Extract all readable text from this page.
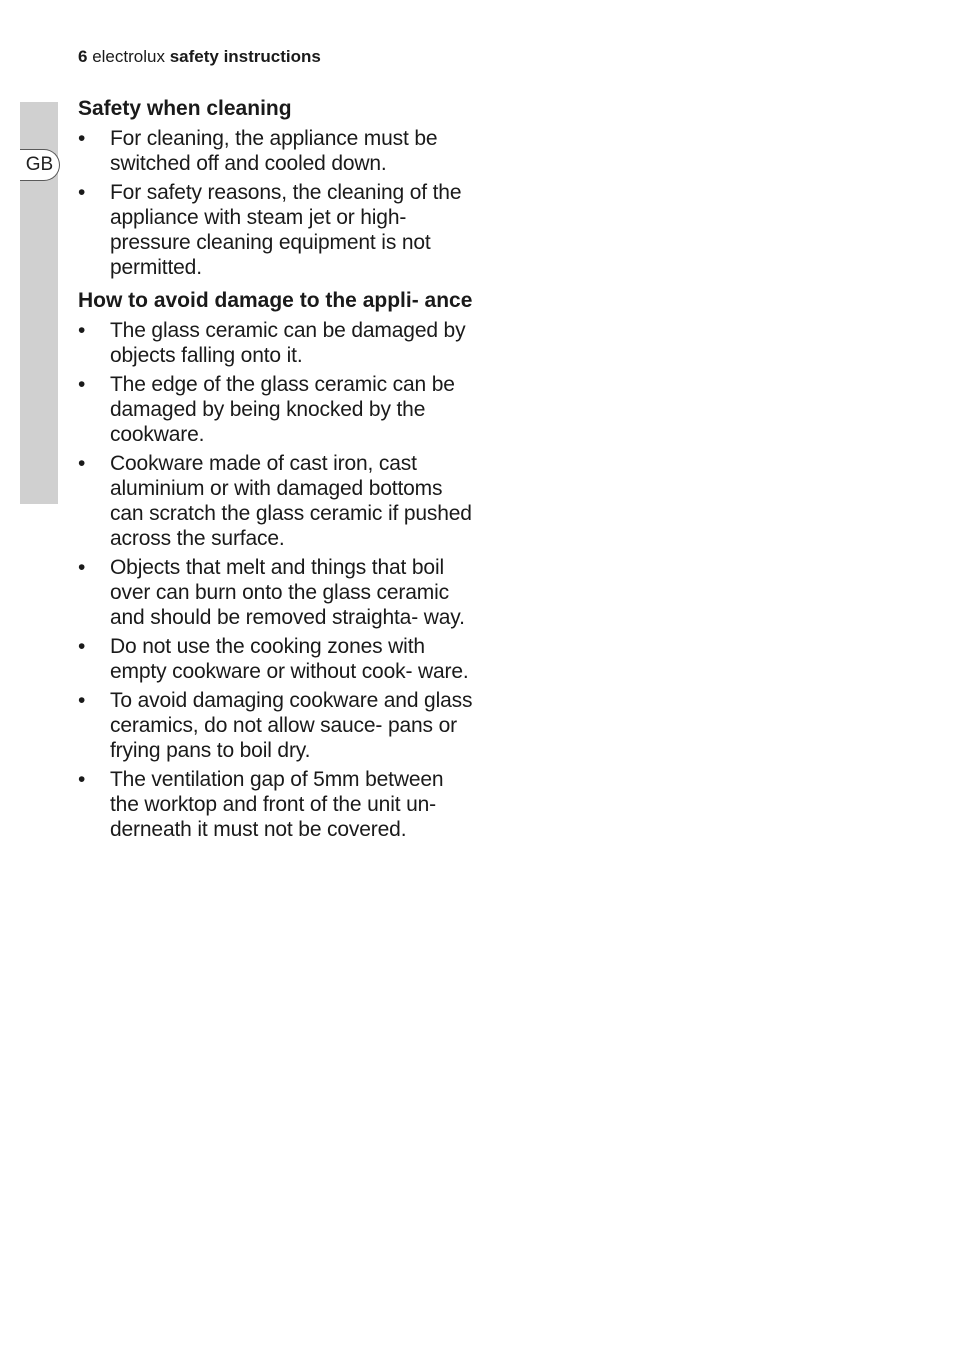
6 electrolux safety instructions
GB
Safety when cleaning
•	For cleaning, the appliance must be switched off and cooled down.
•	For safety reasons, the cleaning of the appliance with steam jet or high-pressure cleaning equipment is not permitted.
How to avoid damage to the appli- ance
•	The glass ceramic can be damaged by objects falling onto it.
•	The edge of the glass ceramic can be damaged by being knocked by the cookware.
•	Cookware made of cast iron, cast aluminium or with damaged bottoms can scratch the glass ceramic if pushed across the surface.
•	Objects that melt and things that boil over can burn onto the glass ceramic and should be removed straighta- way.
•	Do not use the cooking zones with empty cookware or without cook- ware.
•	To avoid damaging cookware and glass ceramics, do not allow sauce- pans or frying pans to boil dry.
•	The ventilation gap of 5mm between the worktop and front of the unit un- derneath it must not be covered.
